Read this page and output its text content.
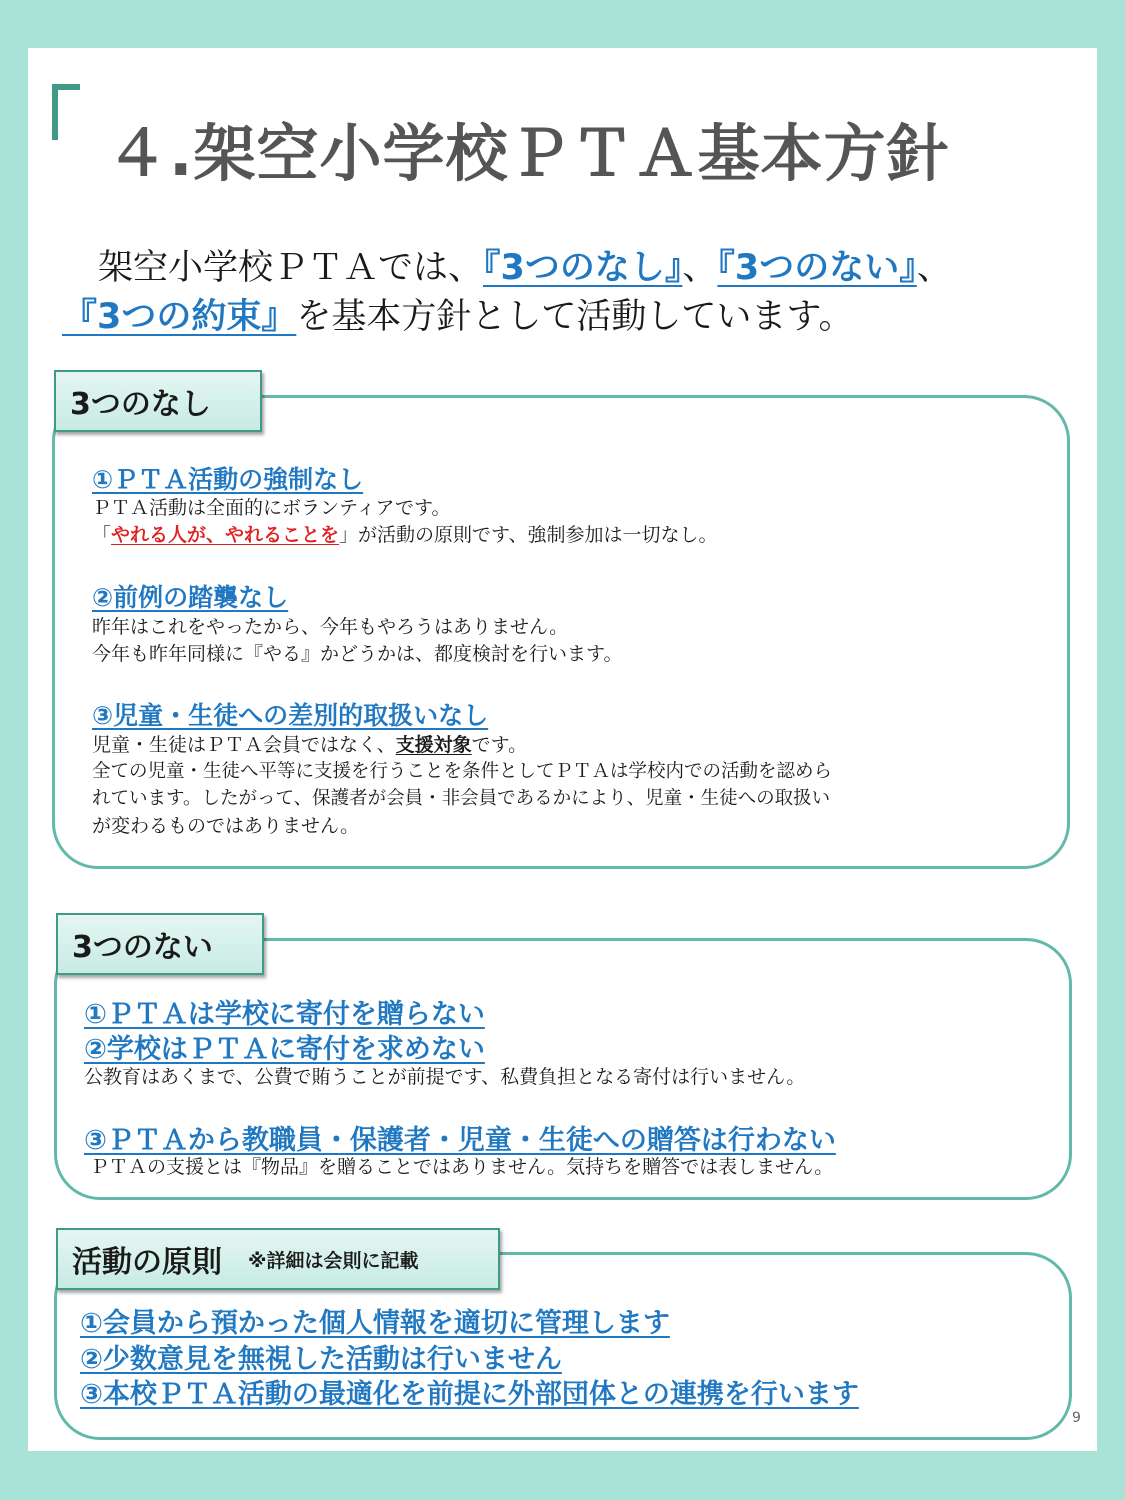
４.架空小学校ＰＴＡ基本方針
架空小学校ＰＴＡでは、『3つのなし』、『3つのない』、
『3つの約束』を基本方針として活動しています。
3つのなし
①ＰＴＡ活動の強制なし
ＰＴＡ活動は全面的にボランティアです。
「やれる人が、やれることを」が活動の原則です、強制参加は一切なし。
②前例の踏襲なし
昨年はこれをやったから、今年もやろうはありません。
今年も昨年同様に『やる』かどうかは、都度検討を行います。
③児童・生徒への差別的取扱いなし
児童・生徒はＰＴＡ会員ではなく、支援対象です。
全ての児童・生徒へ平等に支援を行うことを条件としてＰＴＡは学校内での活動を認めら
れています。したがって、保護者が会員・非会員であるかにより、児童・生徒への取扱い
が変わるものではありません。
3つのない
①ＰＴＡは学校に寄付を贈らない
②学校はＰＴＡに寄付を求めない
公教育はあくまで、公費で賄うことが前提です、私費負担となる寄付は行いません。
③ＰＴＡから教職員・保護者・児童・生徒への贈答は行わない
ＰＴＡの支援とは『物品』を贈ることではありません。気持ちを贈答では表しません。
活動の原則 ※詳細は会則に記載
①会員から預かった個人情報を適切に管理します
②少数意見を無視した活動は行いません
③本校ＰＴＡ活動の最適化を前提に外部団体との連携を行います
9
